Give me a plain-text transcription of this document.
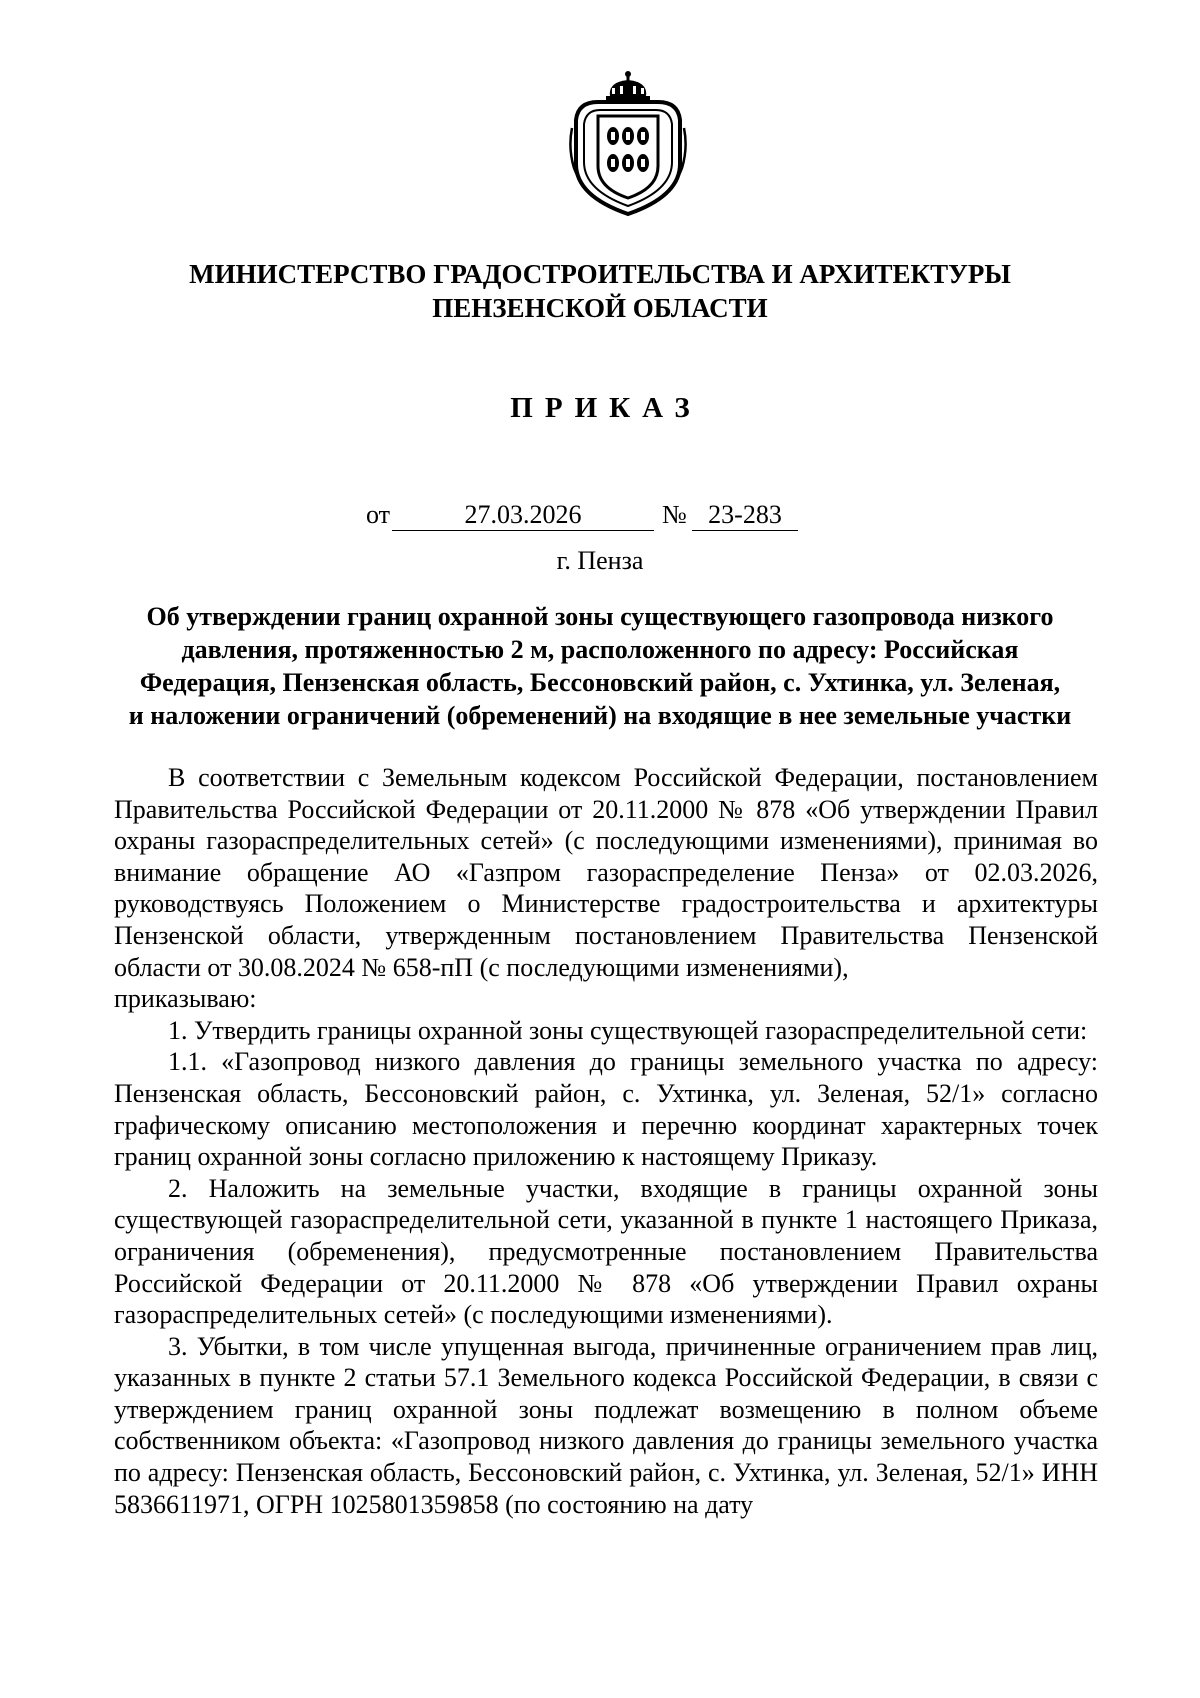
МИНИСТЕРСТВО ГРАДОСТРОИТЕЛЬСТВА И АРХИТЕКТУРЫ
ПЕНЗЕНСКОЙ ОБЛАСТИ
ПРИКАЗ
от	27.03.2026	№ 23-283
г. Пенза
Об утверждении границ охранной зоны существующего газопровода низкого
давления, протяженностью 2 м, расположенного по адресу: Российская
Федерация, Пензенская область, Бессоновский район, с. Ухтинка, ул. Зеленая,
и наложении ограничений (обременений) на входящие в нее земельные участки

В соответствии с Земельным кодексом Российской Федерации, постановлением Правительства Российской Федерации от 20.11.2000 № 878 «Об утверждении Правил охраны газораспределительных сетей» (с последующими изменениями), принимая во внимание обращение АО «Газпром газораспределение Пенза» от 02.03.2026, руководствуясь Положением о Министерстве градостроительства и архитектуры Пензенской области, утвержденным постановлением Правительства Пензенской области от 30.08.2024 № 658-пП (с последующими изменениями),

приказываю:

1. Утвердить границы охранной зоны существующей газораспределительной сети:

1.1. «Газопровод низкого давления до границы земельного участка по адресу: Пензенская область, Бессоновский район, с. Ухтинка, ул. Зеленая, 52/1» согласно графическому описанию местоположения и перечню координат характерных точек границ охранной зоны согласно приложению к настоящему Приказу.

2. Наложить на земельные участки, входящие в границы охранной зоны существующей газораспределительной сети, указанной в пункте 1 настоящего Приказа, ограничения (обременения), предусмотренные постановлением Правительства Российской Федерации от 20.11.2000 № 878 «Об утверждении Правил охраны газораспределительных сетей» (с последующими изменениями).

3. Убытки, в том числе упущенная выгода, причиненные ограничением прав лиц, указанных в пункте 2 статьи 57.1 Земельного кодекса Российской Федерации, в связи с утверждением границ охранной зоны подлежат возмещению в полном объеме собственником объекта: «Газопровод низкого давления до границы земельного участка по адресу: Пензенская область, Бессоновский район, с. Ухтинка, ул. Зеленая, 52/1» ИНН 5836611971, ОГРН 1025801359858 (по состоянию на дату
